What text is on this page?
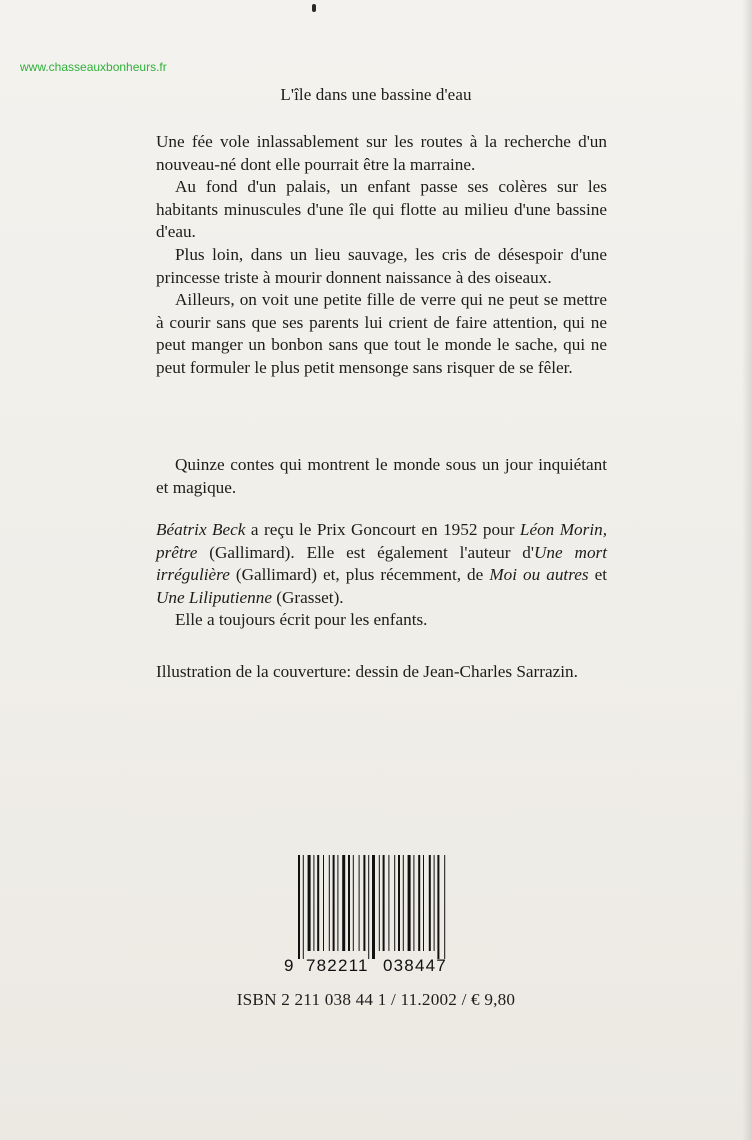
www.chasseauxbonheurs.fr
L'île dans une bassine d'eau

Une fée vole inlassablement sur les routes à la recherche d'un nouveau-né dont elle pourrait être la marraine.

Au fond d'un palais, un enfant passe ses colères sur les habitants minuscules d'une île qui flotte au milieu d'une bassine d'eau.

Plus loin, dans un lieu sauvage, les cris de désespoir d'une princesse triste à mourir donnent naissance à des oiseaux.

Ailleurs, on voit une petite fille de verre qui ne peut se mettre à courir sans que ses parents lui crient de faire attention, qui ne peut manger un bonbon sans que tout le monde le sache, qui ne peut formuler le plus petit mensonge sans risquer de se fêler.

Quinze contes qui montrent le monde sous un jour inquiétant et magique.

Béatrix Beck a reçu le Prix Goncourt en 1952 pour Léon Morin, prêtre (Gallimard). Elle est également l'auteur d'Une mort irrégulière (Gallimard) et, plus récemment, de Moi ou autres et Une Liliputienne (Grasset).

Elle a toujours écrit pour les enfants.

Illustration de la couverture: dessin de Jean-Charles Sarrazin.

9 782211 038447
ISBN 2 211 038 44 1 / 11.2002 / € 9,80
